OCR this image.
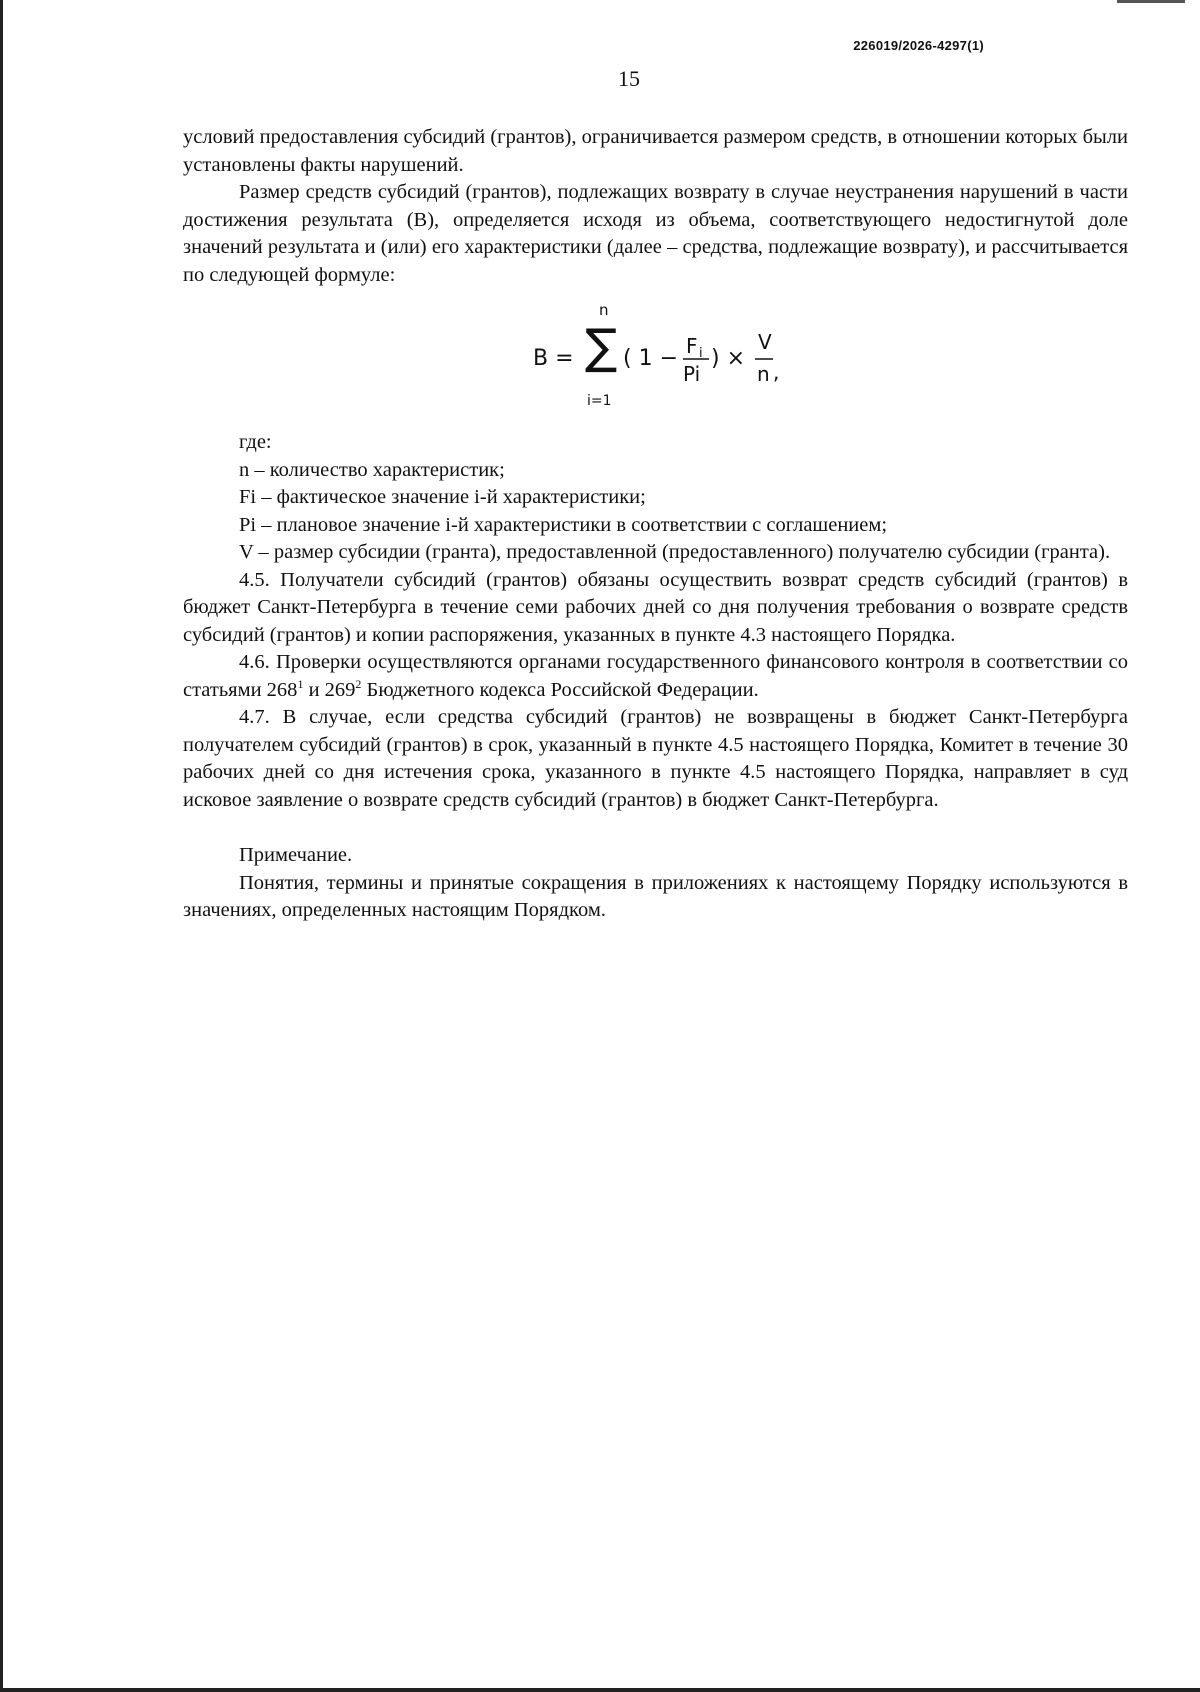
226019/2026-4297(1)
15

условий предоставления субсидий (грантов), ограничивается размером средств, в отношении которых были установлены факты нарушений.

Размер средств субсидий (грантов), подлежащих возврату в случае неустранения нарушений в части достижения результата (В), определяется исходя из объема, соответствующего недостигнутой доле значений результата и (или) его характеристики (далее – средства, подлежащие возврату), и рассчитывается по следующей формуле:

B =
n
∑
i=1
( 1 − F i
Pi
) ×
V
n ,

где:

n – количество характеристик;

Fi – фактическое значение i-й характеристики;

Pi – плановое значение i-й характеристики в соответствии с соглашением;

V – размер субсидии (гранта), предоставленной (предоставленного) получателю субсидии (гранта).

4.5. Получатели субсидий (грантов) обязаны осуществить возврат средств субсидий (грантов) в бюджет Санкт-Петербурга в течение семи рабочих дней со дня получения требования о возврате средств субсидий (грантов) и копии распоряжения, указанных в пункте 4.3 настоящего Порядка.

4.6. Проверки осуществляются органами государственного финансового контроля в соответствии со статьями $268^1$ и $269^2$ Бюджетного кодекса Российской Федерации.

4.7. В случае, если средства субсидий (грантов) не возвращены в бюджет Санкт-Петербурга получателем субсидий (грантов) в срок, указанный в пункте 4.5 настоящего Порядка, Комитет в течение 30 рабочих дней со дня истечения срока, указанного в пункте 4.5 настоящего Порядка, направляет в суд исковое заявление о возврате средств субсидий (грантов) в бюджет Санкт-Петербурга.

Примечание.

Понятия, термины и принятые сокращения в приложениях к настоящему Порядку используются в значениях, определенных настоящим Порядком.
